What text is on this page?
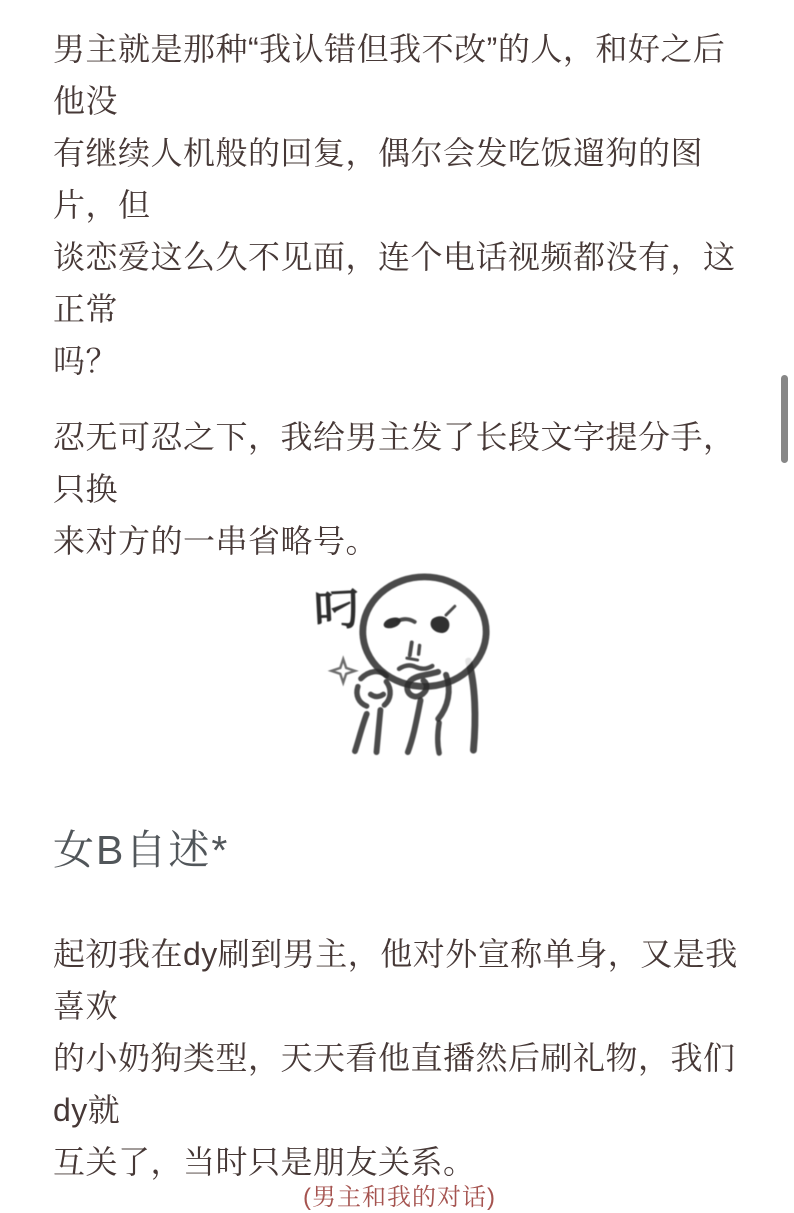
男主就是那种“我认错但我不改”的人，和好之后他没
有继续人机般的回复，偶尔会发吃饭遛狗的图片，但
谈恋爱这么久不见面，连个电话视频都没有，这正常
吗？
忍无可忍之下，我给男主发了长段文字提分手，只换
来对方的一串省略号。
叼
女B自述*
起初我在dy刷到男主，他对外宣称单身，又是我喜欢
的小奶狗类型，天天看他直播然后刷礼物，我们dy就
互关了，当时只是朋友关系。
(男主和我的对话)
